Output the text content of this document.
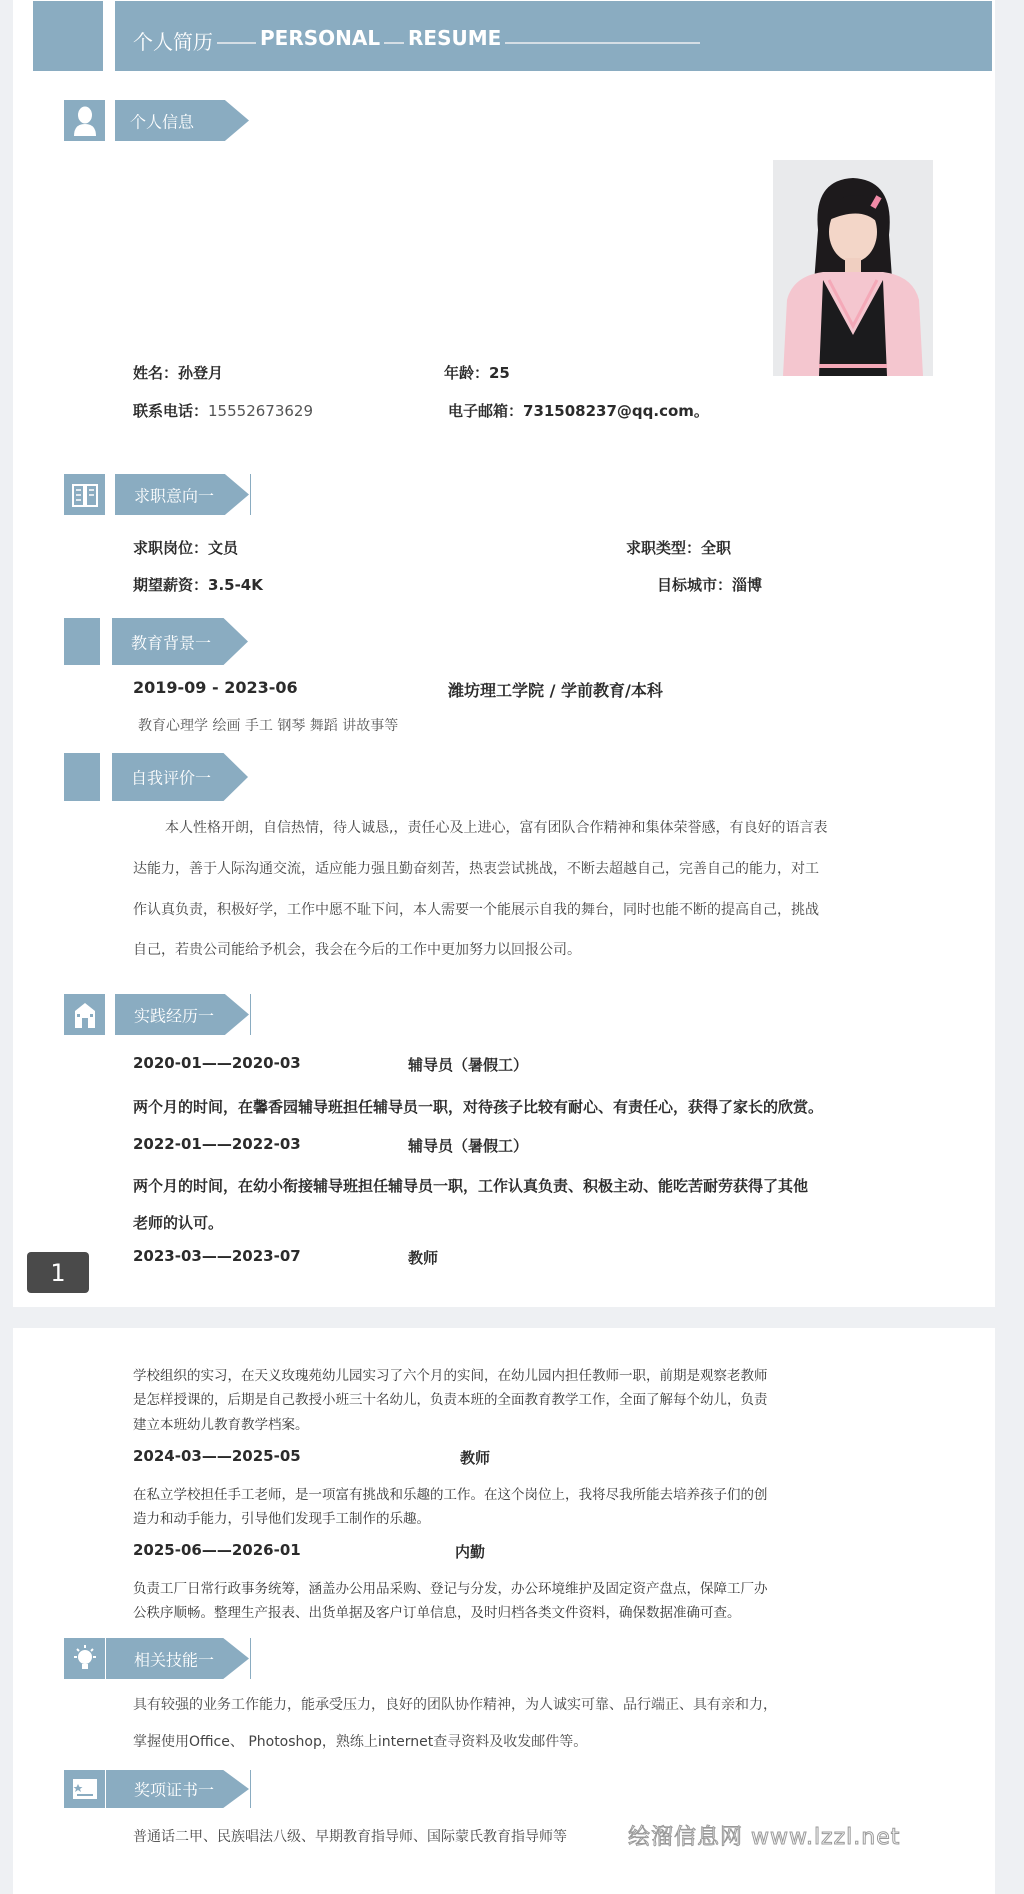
个人简历 PERSONAL RESUME
个人信息
姓名：孙登月	年龄：25
联系电话：15552673629	电子邮箱：731508237@qq.com。
求职意向一
求职岗位：文员	求职类型：全职
期望薪资：3.5-4K	目标城市：淄博
教育背景一
2019-09 - 2023-06	潍坊理工学院 / 学前教育/本科
教育心理学 绘画 手工 钢琴 舞蹈 讲故事等
自我评价一
本人性格开朗，自信热情，待人诚恳,，责任心及上进心，富有团队合作精神和集体荣誉感，有良好的语言表
达能力，善于人际沟通交流，适应能力强且勤奋刻苦，热衷尝试挑战，不断去超越自己，完善自己的能力，对工
作认真负责，积极好学，工作中愿不耻下问，本人需要一个能展示自我的舞台，同时也能不断的提高自己，挑战
自己，若贵公司能给予机会，我会在今后的工作中更加努力以回报公司。
实践经历一
2020-01——2020-03	辅导员（暑假工）
两个月的时间，在馨香园辅导班担任辅导员一职，对待孩子比较有耐心、有责任心，获得了家长的欣赏。
2022-01——2022-03	辅导员（暑假工）
两个月的时间，在幼小衔接辅导班担任辅导员一职，工作认真负责、积极主动、能吃苦耐劳获得了其他
老师的认可。
2023-03——2023-07	教师
1
学校组织的实习，在天义玫瑰苑幼儿园实习了六个月的实间，在幼儿园内担任教师一职，前期是观察老教师
是怎样授课的，后期是自己教授小班三十名幼儿，负责本班的全面教育教学工作，全面了解每个幼儿，负责
建立本班幼儿教育教学档案。
2024-03——2025-05	教师
在私立学校担任手工老师，是一项富有挑战和乐趣的工作。在这个岗位上，我将尽我所能去培养孩子们的创
造力和动手能力，引导他们发现手工制作的乐趣。
2025-06——2026-01	内勤
负责工厂日常行政事务统筹，涵盖办公用品采购、登记与分发，办公环境维护及固定资产盘点，保障工厂办
公秩序顺畅。整理生产报表、出货单据及客户订单信息，及时归档各类文件资料，确保数据准确可查。
相关技能一
具有较强的业务工作能力，能承受压力，良好的团队协作精神，为人诚实可靠、品行端正、具有亲和力，
掌握使用Office、 Photoshop，熟练上internet查寻资料及收发邮件等。
奖项证书一
普通话二甲、民族唱法八级、早期教育指导师、国际蒙氏教育指导师等	绘溜信息网 www.lzzl.net
